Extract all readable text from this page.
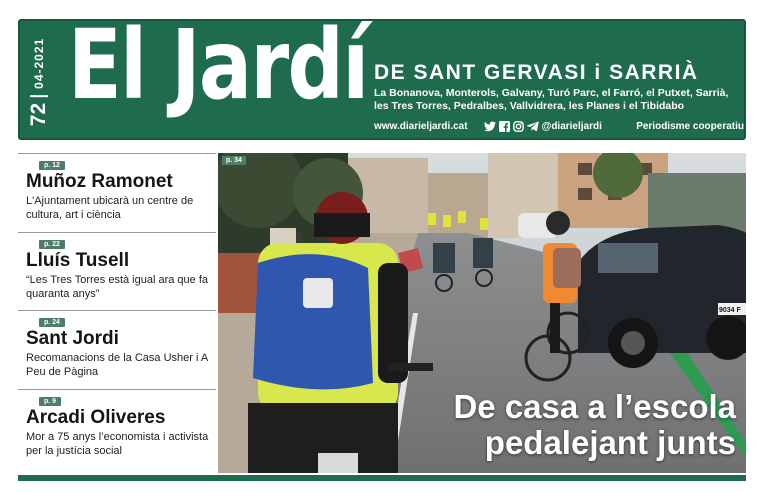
72
04-2021 El Jardí DE SANT GERVASI i SARRIÀ
La Bonanova, Monterols, Galvany, Turó Parc, el Farró, el Putxet, Sarrià, les Tres Torres, Pedralbes, Vallvidrera, les Planes i el Tibidabo
www.diarieljardi.cat	@diarieljardi	Periodisme cooperatiu
p. 12
Muñoz Ramonet
L'Ajuntament ubicarà un centre de cultura, art i ciència
p. 22
Lluís Tusell
“Les Tres Torres està igual ara que fa quaranta anys”
p. 24
Sant Jordi
Recomanacions de la Casa Usher i A Peu de Pàgina
p. 9
Arcadi Oliveres
Mor a 75 anys l’economista i activista per la justícia social
9034 F
p. 34
De casa a l’escola
pedalejant junts
